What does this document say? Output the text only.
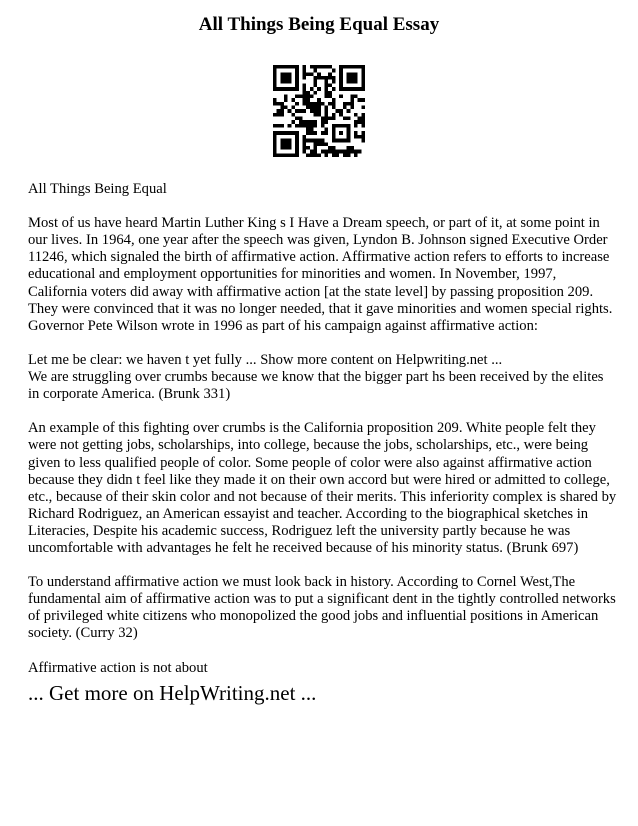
All Things Being Equal Essay

All Things Being Equal

Most of us have heard Martin Luther King s I Have a Dream speech, or part of it, at some point in our lives. In 1964, one year after the speech was given, Lyndon B. Johnson signed Executive Order 11246, which signaled the birth of affirmative action. Affirmative action refers to efforts to increase educational and employment opportunities for minorities and women. In November, 1997, California voters did away with affirmative action [at the state level] by passing proposition 209. They were convinced that it was no longer needed, that it gave minorities and women special rights. Governor Pete Wilson wrote in 1996 as part of his campaign against affirmative action:

Let me be clear: we haven t yet fully ... Show more content on Helpwriting.net ...

We are struggling over crumbs because we know that the bigger part hs been received by the elites in corporate America. (Brunk 331)

An example of this fighting over crumbs is the California proposition 209. White people felt they were not getting jobs, scholarships, into college, because the jobs, scholarships, etc., were being given to less qualified people of color. Some people of color were also against affirmative action because they didn t feel like they made it on their own accord but were hired or admitted to college, etc., because of their skin color and not because of their merits. This inferiority complex is shared by Richard Rodriguez, an American essayist and teacher. According to the biographical sketches in Literacies, Despite his academic success, Rodriguez left the university partly because he was uncomfortable with advantages he felt he received because of his minority status. (Brunk 697)

To understand affirmative action we must look back in history. According to Cornel West,The fundamental aim of affirmative action was to put a significant dent in the tightly controlled networks of privileged white citizens who monopolized the good jobs and influential positions in American society. (Curry 32)

Affirmative action is not about

... Get more on HelpWriting.net ...
